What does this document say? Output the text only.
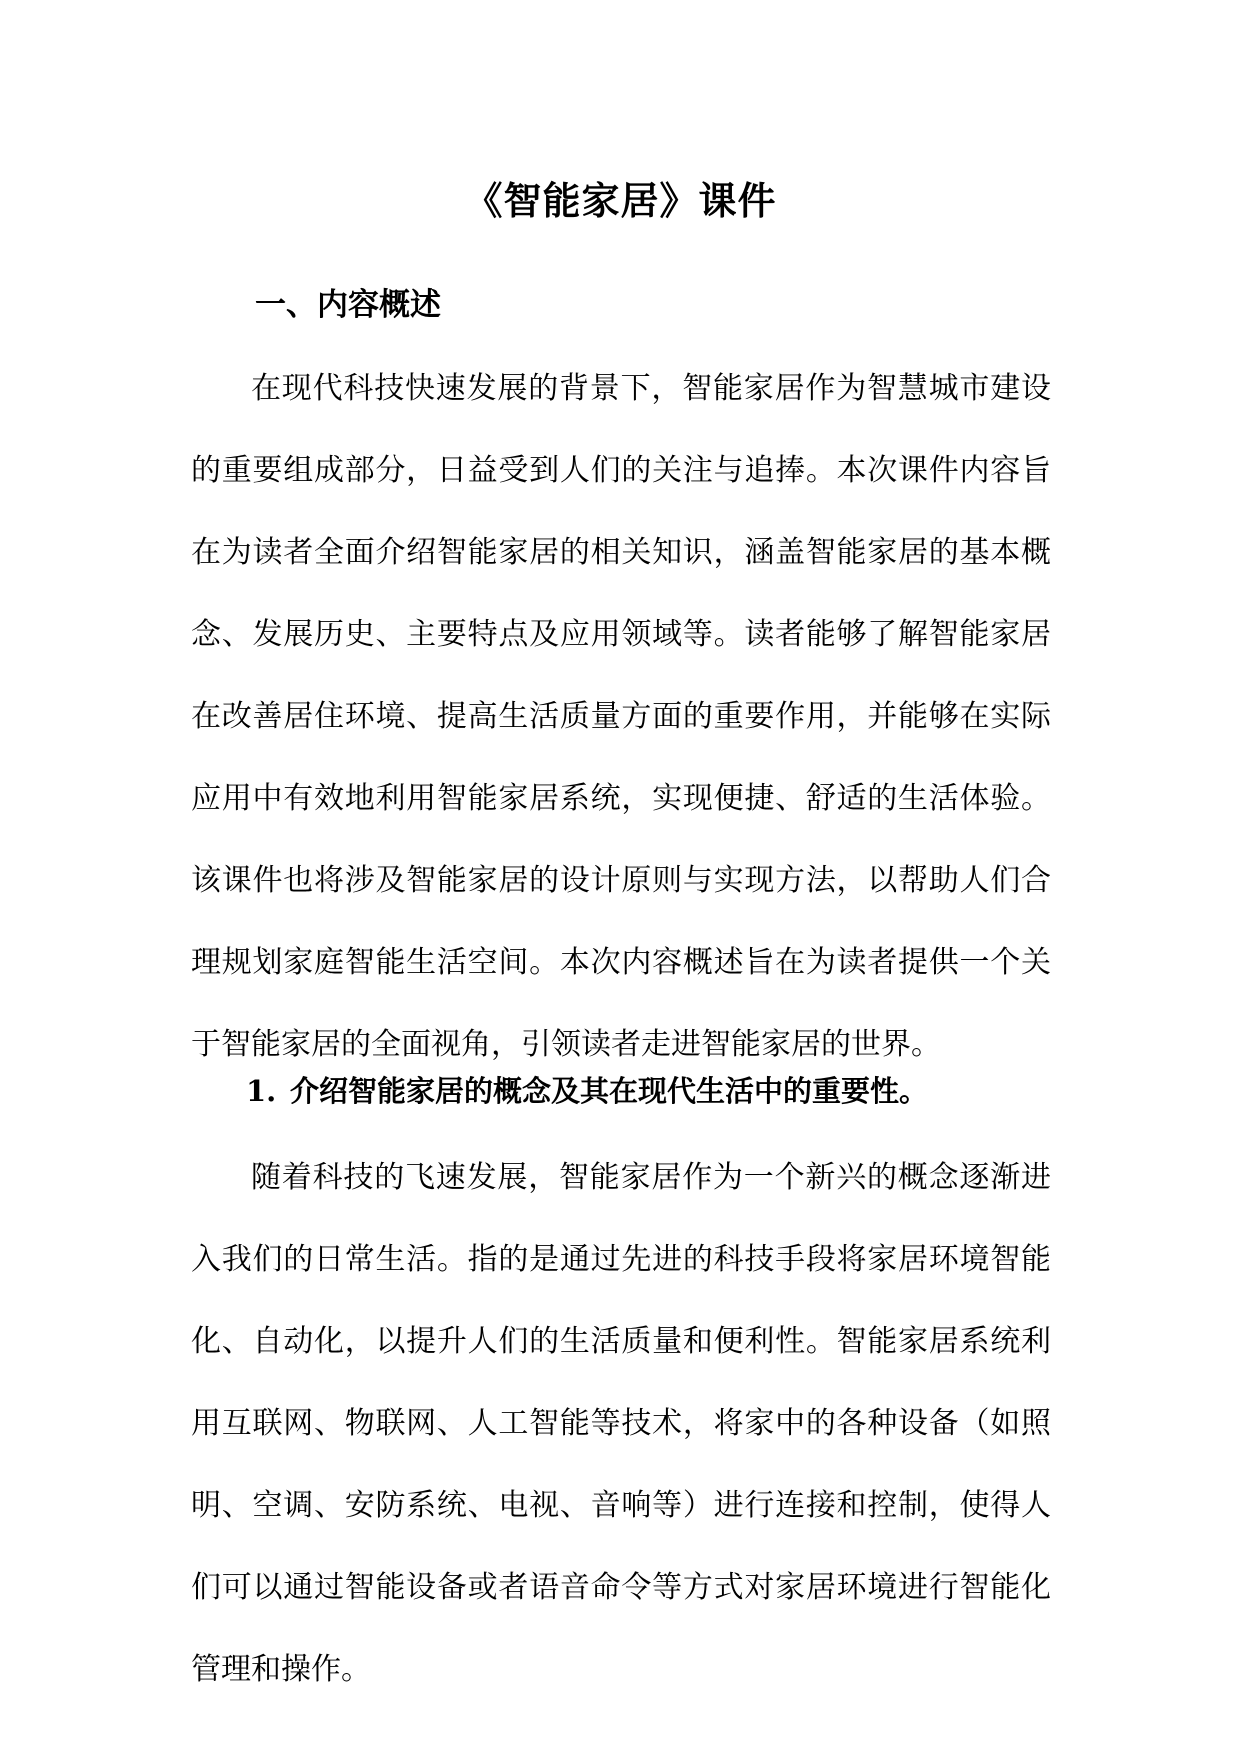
《智能家居》课件
一、内容概述

在现代科技快速发展的背景下，智能家居作为智慧城市建设的重要组成部分，日益受到人们的关注与追捧。本次课件内容旨在为读者全面介绍智能家居的相关知识，涵盖智能家居的基本概念、发展历史、主要特点及应用领域等。读者能够了解智能家居在改善居住环境、提高生活质量方面的重要作用，并能够在实际应用中有效地利用智能家居系统，实现便捷、舒适的生活体验。该课件也将涉及智能家居的设计原则与实现方法，以帮助人们合理规划家庭智能生活空间。本次内容概述旨在为读者提供一个关于智能家居的全面视角，引领读者走进智能家居的世界。

1. 介绍智能家居的概念及其在现代生活中的重要性。

随着科技的飞速发展，智能家居作为一个新兴的概念逐渐进入我们的日常生活。指的是通过先进的科技手段将家居环境智能化、自动化，以提升人们的生活质量和便利性。智能家居系统利用互联网、物联网、人工智能等技术，将家中的各种设备（如照明、空调、安防系统、电视、音响等）进行连接和控制，使得人们可以通过智能设备或者语音命令等方式对家居环境进行智能化管理和操作。
